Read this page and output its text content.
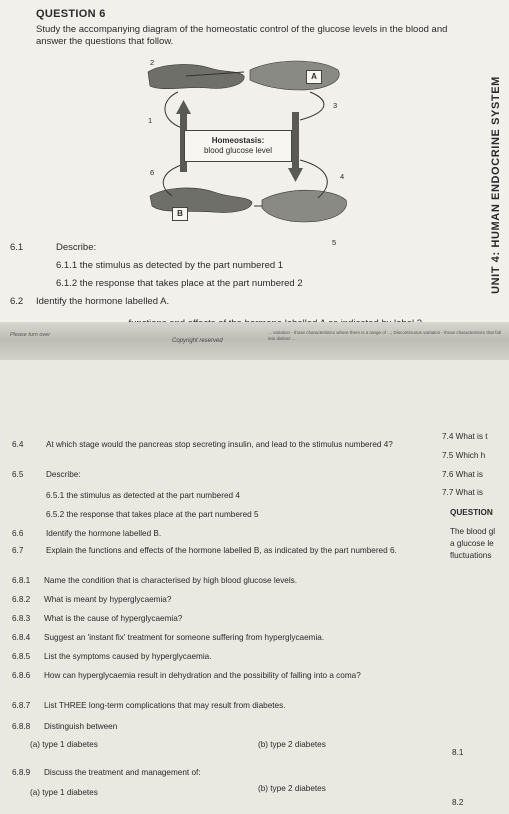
QUESTION 6
Study the accompanying diagram of the homeostatic control of the glucose levels in the blood and answer the questions that follow.
UNIT 4: HUMAN ENDOCRINE SYSTEM
Homeostasis:
blood glucose level
A
B
2
1
3
6	4
5
6.1	Describe:
6.1.1 the stimulus as detected by the part numbered 1
6.1.2 the response that takes place at the part numbered 2
6.2 Identify the hormone labelled A.
Please turn over
Copyright reserved
... variation - those characteristics where there is a range of ...; Discontinuous variation - those characteristics that fall into distinct ...
6.4	At which stage would the pancreas stop secreting insulin, and lead to the stimulus numbered 4?
6.5	Describe:
6.5.1 the stimulus as detected at the part numbered 4
6.5.2 the response that takes place at the part numbered 5
6.6	Identify the hormone labelled B.
6.7	Explain the functions and effects of the hormone labelled B, as indicated by the part numbered 6.
6.8.1 Name the condition that is characterised by high blood glucose levels.
6.8.2 What is meant by hyperglycaemia?
6.8.3 What is the cause of hyperglycaemia?
6.8.4 Suggest an 'instant fix' treatment for someone suffering from hyperglycaemia.
6.8.5 List the symptoms caused by hyperglycaemia.
6.8.6 How can hyperglycaemia result in dehydration and the possibility of falling into a coma?
6.8.7 List THREE long-term complications that may result from diabetes.
6.8.8 Distinguish between
(a) type 1 diabetes	(b) type 2 diabetes
6.8.9 Discuss the treatment and management of:
(a) type 1 diabetes	(b) type 2 diabetes
7.4 What is t
7.5 Which h
7.6 What is
7.7 What is
QUESTION
The blood gl
a glucose le
fluctuations
8.1
8.2
